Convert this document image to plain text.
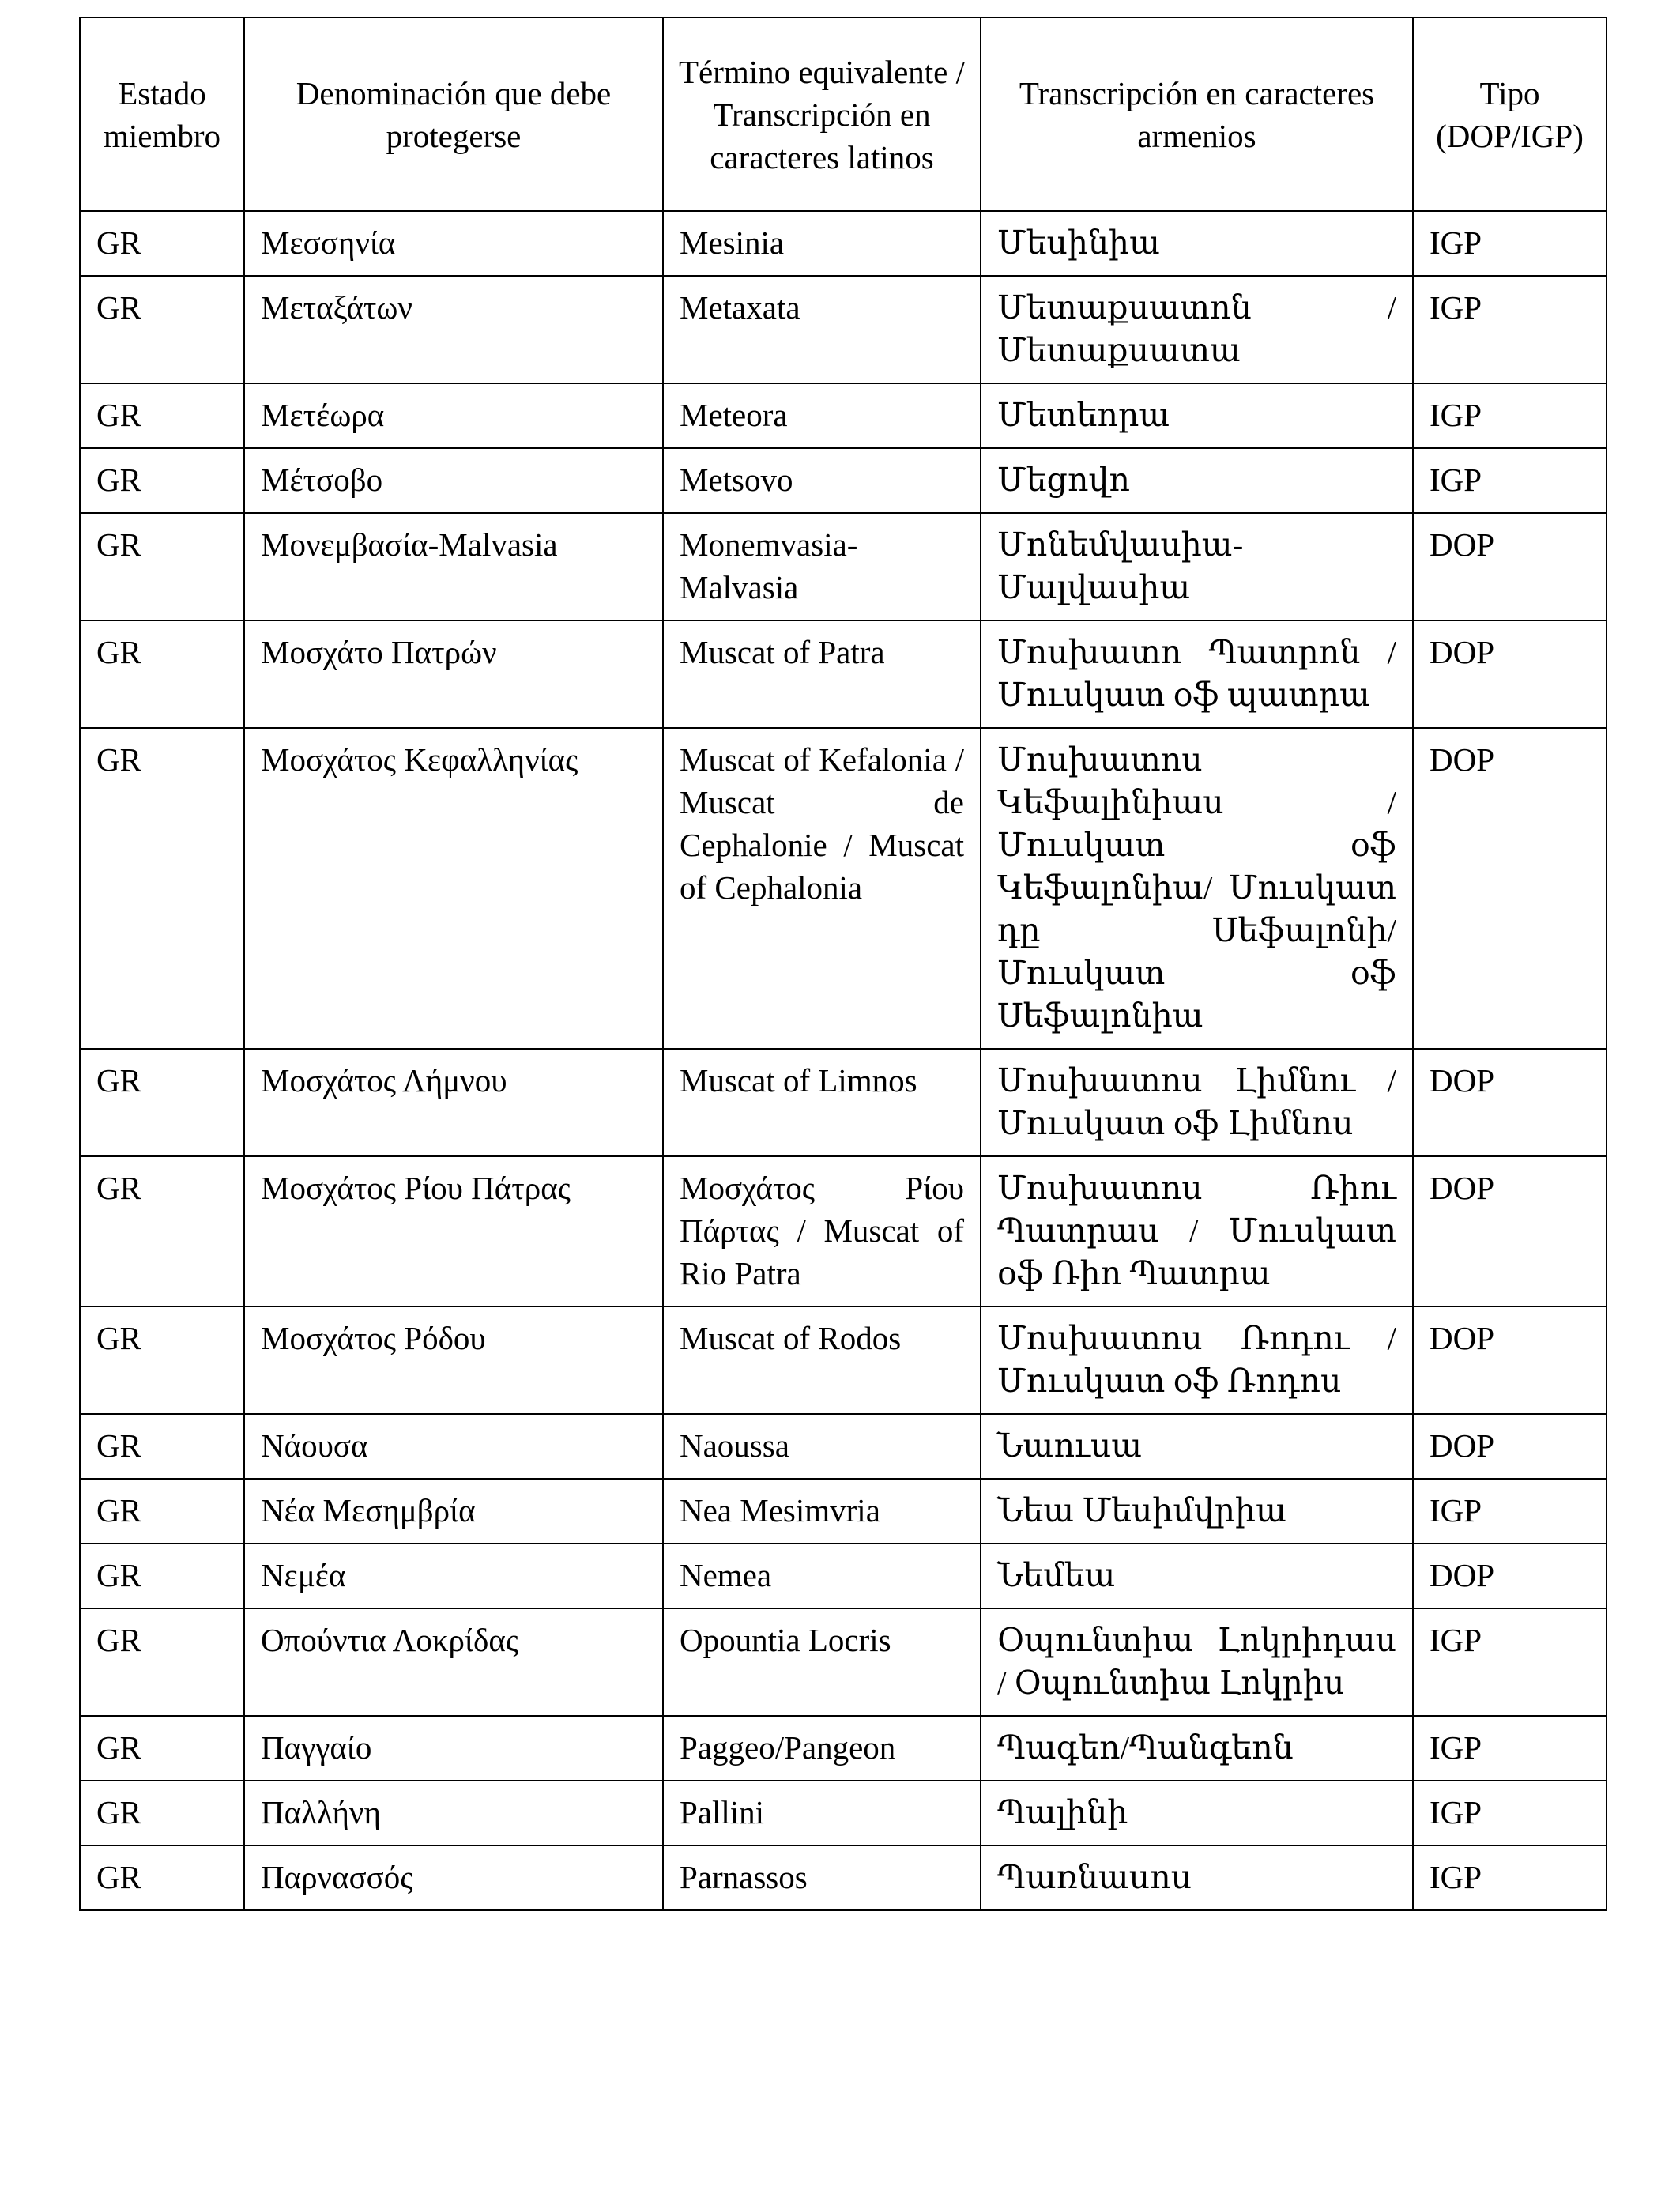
Estado miembro	Denominación que debe protegerse	Término equivalente / Transcripción en caracteres latinos	Transcripción en caracteres armenios	Tipo (DOP/IGP)
GR	Μεσσηνία	Mesinia	Մեսինիա	IGP
GR	Μεταξάτων	Metaxata	Մետաքսատոն / Մետաքսատա	IGP
GR	Μετέωρα	Meteora	Մետեորա	IGP
GR	Μέτσοβο	Metsovo	Մեցովո	IGP
GR	Μονεμβασία-Malvasia	Monemvasia-Malvasia	Մոնեմվասիա-Մալվասիա	DOP
GR	Μοσχάτο Πατρών	Muscat of Patra	Մոսխատո Պատրոն / Մուսկատ օֆ պատրա	DOP
GR	Μοσχάτος Κεφαλληνίας	Muscat of Kefalonia / Muscat de Cephalonie / Muscat of Cephalonia	Մոսխատոս Կեֆալինիաս / Մուսկատ օֆ Կեֆալոնիա/ Մուսկատ դը Սեֆալոնի/ Մուսկատ օֆ Սեֆալոնիա	DOP
GR	Μοσχάτος Λήμνου	Muscat of Limnos	Մոսխատոս Լիմնու / Մուսկատ օֆ Լիմնոս	DOP
GR	Μοσχάτος Ρίου Πάτρας	Μοσχάτος Ρίου Πάρτας / Muscat of Rio Patra	Մոսխատոս Ռիու Պատրաս / Մուսկատ օֆ Ռիո Պատրա	DOP
GR	Μοσχάτος Ρόδου	Muscat of Rodos	Մոսխատոս Ռոդու / Մուսկատ օֆ Ռոդոս	DOP
GR	Νάουσα	Naoussa	Նաուսա	DOP
GR	Νέα Μεσημβρία	Nea Mesimvria	Նեա Մեսիմվրիա	IGP
GR	Νεμέα	Nemea	Նեմեա	DOP
GR	Οπούντια Λοκρίδας	Opountia Locris	Օպունտիա Լոկրիդաս / Օպունտիա Լոկրիս	IGP
GR	Παγγαίο	Paggeo/Pangeon	Պագեո/Պանգեոն	IGP
GR	Παλλήνη	Pallini	Պալինի	IGP
GR	Παρνασσός	Parnassos	Պառնասոս	IGP
